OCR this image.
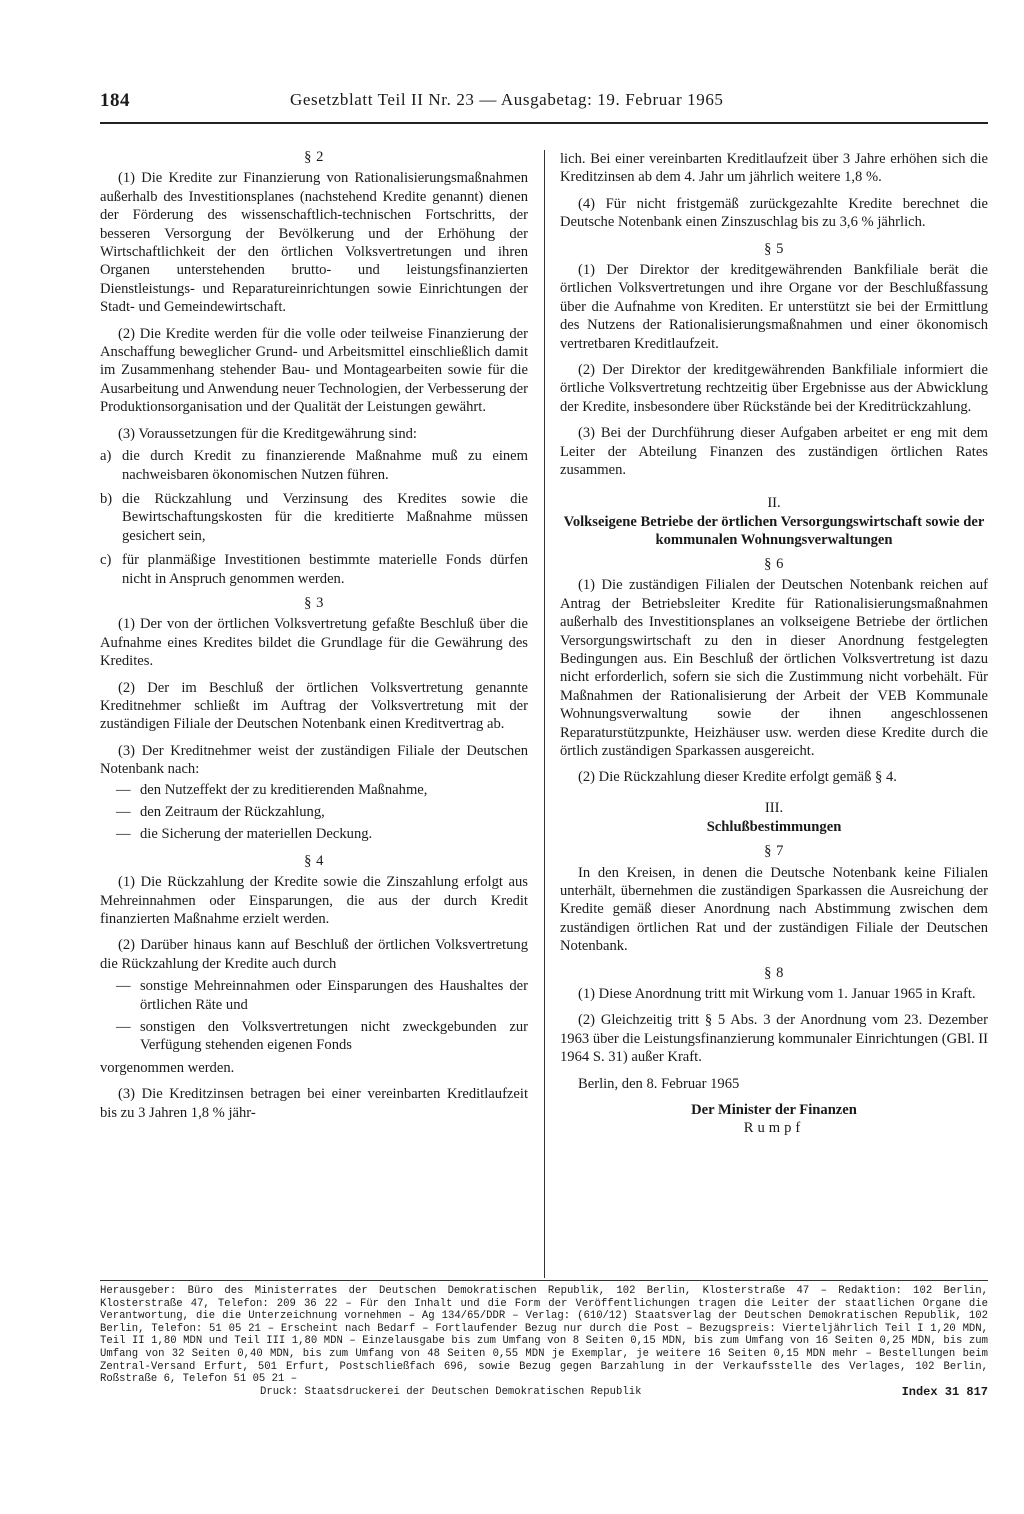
184	Gesetzblatt Teil II Nr. 23 — Ausgabetag: 19. Februar 1965
§ 2

(1) Die Kredite zur Finanzierung von Rationalisierungsmaßnahmen außerhalb des Investitionsplanes (nachstehend Kredite genannt) dienen der Förderung des wissenschaftlich-technischen Fortschritts, der besseren Versorgung der Bevölkerung und der Erhöhung der Wirtschaftlichkeit der den örtlichen Volksvertretungen und ihren Organen unterstehenden brutto- und leistungsfinanzierten Dienstleistungs- und Reparatureinrichtungen sowie Einrichtungen der Stadt- und Gemeindewirtschaft.

(2) Die Kredite werden für die volle oder teilweise Finanzierung der Anschaffung beweglicher Grund- und Arbeitsmittel einschließlich damit im Zusammenhang stehender Bau- und Montagearbeiten sowie für die Ausarbeitung und Anwendung neuer Technologien, der Verbesserung der Produktionsorganisation und der Qualität der Leistungen gewährt.

(3) Voraussetzungen für die Kreditgewährung sind:

a) die durch Kredit zu finanzierende Maßnahme muß zu einem nachweisbaren ökonomischen Nutzen führen.
b) die Rückzahlung und Verzinsung des Kredites sowie die Bewirtschaftungskosten für die kreditierte Maßnahme müssen gesichert sein,
c) für planmäßige Investitionen bestimmte materielle Fonds dürfen nicht in Anspruch genommen werden.
§ 3

(1) Der von der örtlichen Volksvertretung gefaßte Beschluß über die Aufnahme eines Kredites bildet die Grundlage für die Gewährung des Kredites.

(2) Der im Beschluß der örtlichen Volksvertretung genannte Kreditnehmer schließt im Auftrag der Volksvertretung mit der zuständigen Filiale der Deutschen Notenbank einen Kreditvertrag ab.

(3) Der Kreditnehmer weist der zuständigen Filiale der Deutschen Notenbank nach:

— den Nutzeffekt der zu kreditierenden Maßnahme,
— den Zeitraum der Rückzahlung,
— die Sicherung der materiellen Deckung.
§ 4

(1) Die Rückzahlung der Kredite sowie die Zinszahlung erfolgt aus Mehreinnahmen oder Einsparungen, die aus der durch Kredit finanzierten Maßnahme erzielt werden.

(2) Darüber hinaus kann auf Beschluß der örtlichen Volksvertretung die Rückzahlung der Kredite auch durch

— sonstige Mehreinnahmen oder Einsparungen des Haushaltes der örtlichen Räte und
— sonstigen den Volksvertretungen nicht zweckgebunden zur Verfügung stehenden eigenen Fonds

vorgenommen werden.

(3) Die Kreditzinsen betragen bei einer vereinbarten Kreditlaufzeit bis zu 3 Jahren 1,8 % jähr-

lich. Bei einer vereinbarten Kreditlaufzeit über 3 Jahre erhöhen sich die Kreditzinsen ab dem 4. Jahr um jährlich weitere 1,8 %.

(4) Für nicht fristgemäß zurückgezahlte Kredite berechnet die Deutsche Notenbank einen Zinszuschlag bis zu 3,6 % jährlich.

§ 5

(1) Der Direktor der kreditgewährenden Bankfiliale berät die örtlichen Volksvertretungen und ihre Organe vor der Beschlußfassung über die Aufnahme von Krediten. Er unterstützt sie bei der Ermittlung des Nutzens der Rationalisierungsmaßnahmen und einer ökonomisch vertretbaren Kreditlaufzeit.

(2) Der Direktor der kreditgewährenden Bankfiliale informiert die örtliche Volksvertretung rechtzeitig über Ergebnisse aus der Abwicklung der Kredite, insbesondere über Rückstände bei der Kreditrückzahlung.

(3) Bei der Durchführung dieser Aufgaben arbeitet er eng mit dem Leiter der Abteilung Finanzen des zuständigen örtlichen Rates zusammen.

II.
Volkseigene Betriebe der örtlichen Versorgungswirtschaft sowie der kommunalen Wohnungsverwaltungen
§ 6

(1) Die zuständigen Filialen der Deutschen Notenbank reichen auf Antrag der Betriebsleiter Kredite für Rationalisierungsmaßnahmen außerhalb des Investitionsplanes an volkseigene Betriebe der örtlichen Versorgungswirtschaft zu den in dieser Anordnung festgelegten Bedingungen aus. Ein Beschluß der örtlichen Volksvertretung ist dazu nicht erforderlich, sofern sie sich die Zustimmung nicht vorbehält. Für Maßnahmen der Rationalisierung der Arbeit der VEB Kommunale Wohnungsverwaltung sowie der ihnen angeschlossenen Reparaturstützpunkte, Heizhäuser usw. werden diese Kredite durch die örtlich zuständigen Sparkassen ausgereicht.

(2) Die Rückzahlung dieser Kredite erfolgt gemäß § 4.

III.
Schlußbestimmungen
§ 7

In den Kreisen, in denen die Deutsche Notenbank keine Filialen unterhält, übernehmen die zuständigen Sparkassen die Ausreichung der Kredite gemäß dieser Anordnung nach Abstimmung zwischen dem zuständigen örtlichen Rat und der zuständigen Filiale der Deutschen Notenbank.

§ 8

(1) Diese Anordnung tritt mit Wirkung vom 1. Januar 1965 in Kraft.

(2) Gleichzeitig tritt § 5 Abs. 3 der Anordnung vom 23. Dezember 1963 über die Leistungsfinanzierung kommunaler Einrichtungen (GBl. II 1964 S. 31) außer Kraft.

Berlin, den 8. Februar 1965

Der Minister der Finanzen
Rumpf

Herausgeber: Büro des Ministerrates der Deutschen Demokratischen Republik, 102 Berlin, Klosterstraße 47 – Redaktion: 102 Berlin, Klosterstraße 47, Telefon: 209 36 22 – Für den Inhalt und die Form der Veröffentlichungen tragen die Leiter der staatlichen Organe die Verantwortung, die die Unterzeichnung vornehmen – Ag 134/65/DDR – Verlag: (610/12) Staatsverlag der Deutschen Demokratischen Republik, 102 Berlin, Telefon: 51 05 21 – Erscheint nach Bedarf – Fortlaufender Bezug nur durch die Post – Bezugspreis: Vierteljährlich Teil I 1,20 MDN, Teil II 1,80 MDN und Teil III 1,80 MDN – Einzelausgabe bis zum Umfang von 8 Seiten 0,15 MDN, bis zum Umfang von 16 Seiten 0,25 MDN, bis zum Umfang von 32 Seiten 0,40 MDN, bis zum Umfang von 48 Seiten 0,55 MDN je Exemplar, je weitere 16 Seiten 0,15 MDN mehr – Bestellungen beim Zentral-Versand Erfurt, 501 Erfurt, Postschließfach 696, sowie Bezug gegen Barzahlung in der Verkaufsstelle des Verlages, 102 Berlin, Roßstraße 6, Telefon 51 05 21 –

Druck: Staatsdruckerei der Deutschen Demokratischen Republik	Index 31 817
